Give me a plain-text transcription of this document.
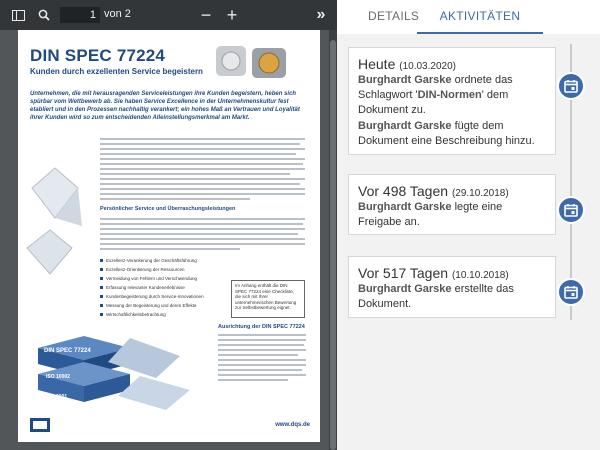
1
von 2	− +	»
DIN SPEC 77224
Kunden durch exzellenten Service begeistern
Unternehmen, die mit herausragenden Serviceleistungen ihre Kunden begeistern, heben sich spürbar vom Wettbewerb ab. Sie haben Service Excellence in der Unternehmenskultur fest etabliert und in den Prozessen nachhaltig verankert; ein hohes Maß an Vertrauen und Loyalität ihrer Kunden wird so zum entscheidenden Alleinstellungsmerkmal am Markt.
Persönlicher Service und Überraschungsleistungen
Exzellenz-Verankerung der Geschäftsführung
Exzellenz-Orientierung der Ressourcen
Vermeidung von Fehlern und Verschwendung
Erfassung relevanter Kundenerlebnisse
Kundenbegeisterung durch Service-Innovationen
Messung der Begeisterung und deren Effekte
Wirtschaftlichkeitsbetrachtung
Im Anhang enthält die DIN SPEC 77224 eine Checkliste, die sich mit Ihrer unternehmerischen Bewertung zur Selbstbewertung eignet.
DIN SPEC 77224
ISO 10002
ISO 9001
Ausrichtung der DIN SPEC 77224
www.dqs.de
DETAILS	AKTIVITÄTEN
Heute (10.03.2020)
Burghardt Garske ordnete das Schlagwort 'DIN-Normen' dem Dokument zu.
Burghardt Garske fügte dem Dokument eine Beschreibung hinzu.
Vor 498 Tagen (29.10.2018)
Burghardt Garske legte eine Freigabe an.
Vor 517 Tagen (10.10.2018)
Burghardt Garske erstellte das Dokument.
